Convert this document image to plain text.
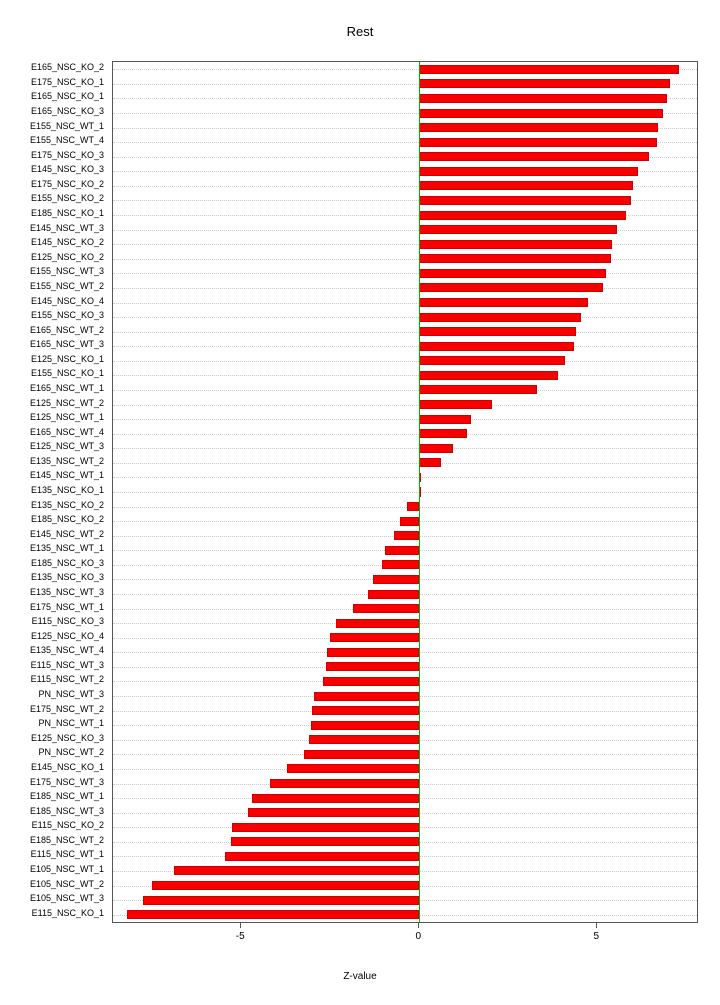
Rest
E165_NSC_KO_2
E175_NSC_KO_1
E165_NSC_KO_1
E165_NSC_KO_3
E155_NSC_WT_1
E155_NSC_WT_4
E175_NSC_KO_3
E145_NSC_KO_3
E175_NSC_KO_2
E155_NSC_KO_2
E185_NSC_KO_1
E145_NSC_WT_3
E145_NSC_KO_2
E125_NSC_KO_2
E155_NSC_WT_3
E155_NSC_WT_2
E145_NSC_KO_4
E155_NSC_KO_3
E165_NSC_WT_2
E165_NSC_WT_3
E125_NSC_KO_1
E155_NSC_KO_1
E165_NSC_WT_1
E125_NSC_WT_2
E125_NSC_WT_1
E165_NSC_WT_4
E125_NSC_WT_3
E135_NSC_WT_2
E145_NSC_WT_1
E135_NSC_KO_1
E135_NSC_KO_2
E185_NSC_KO_2
E145_NSC_WT_2
E135_NSC_WT_1
E185_NSC_KO_3
E135_NSC_KO_3
E135_NSC_WT_3
E175_NSC_WT_1
E115_NSC_KO_3
E125_NSC_KO_4
E135_NSC_WT_4
E115_NSC_WT_3
E115_NSC_WT_2
PN_NSC_WT_3
E175_NSC_WT_2
PN_NSC_WT_1
E125_NSC_KO_3
PN_NSC_WT_2
E145_NSC_KO_1
E175_NSC_WT_3
E185_NSC_WT_1
E185_NSC_WT_3
E115_NSC_KO_2
E185_NSC_WT_2
E115_NSC_WT_1
E105_NSC_WT_1
E105_NSC_WT_2
E105_NSC_WT_3
E115_NSC_KO_1
-5	0	5
Z-value
